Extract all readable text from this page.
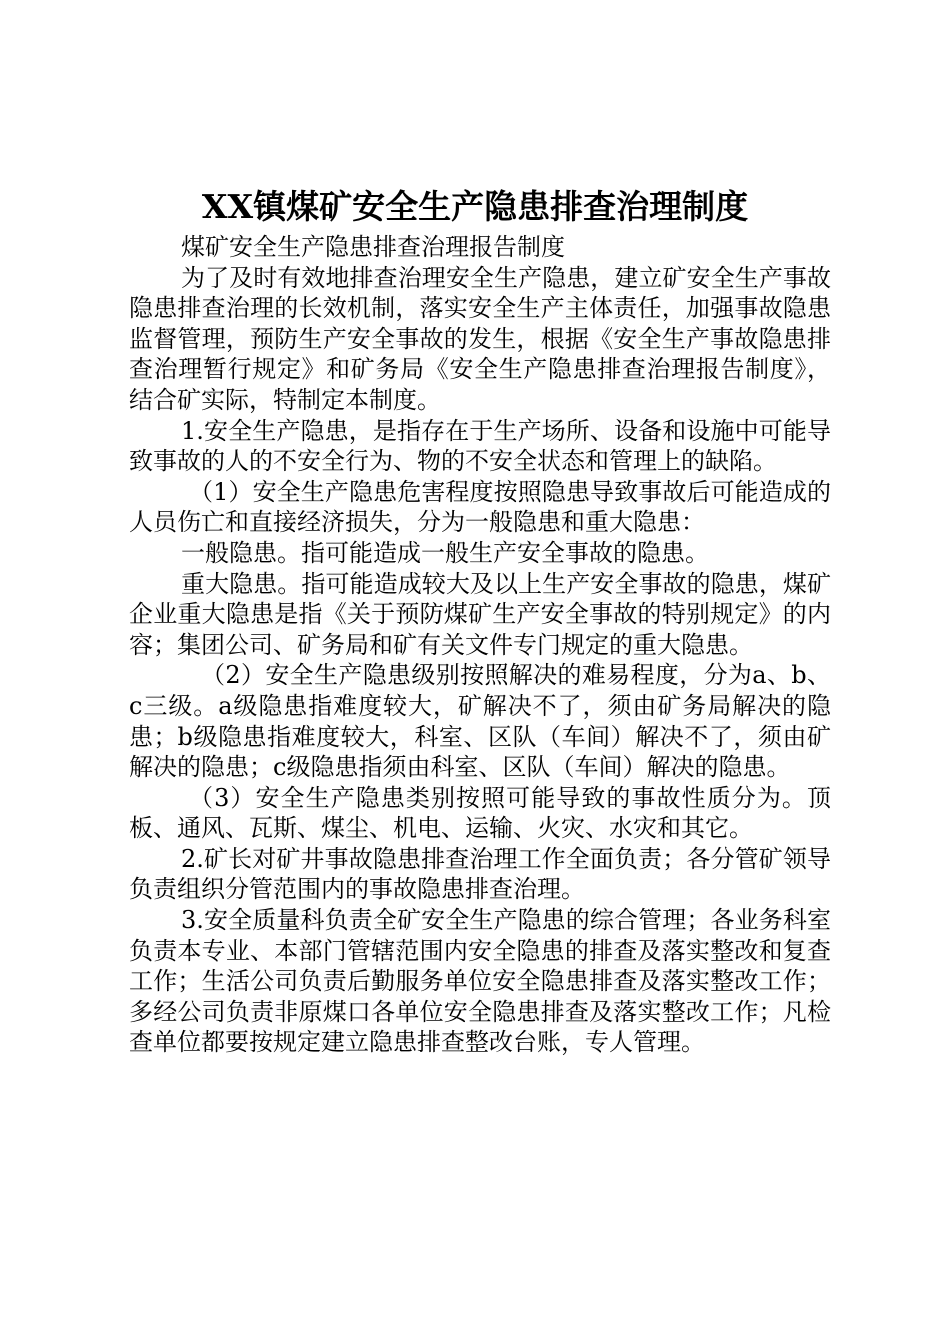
XX镇煤矿安全生产隐患排查治理制度

煤矿安全生产隐患排查治理报告制度

为了及时有效地排查治理安全生产隐患，建立矿安全生产事故隐患排查治理的长效机制，落实安全生产主体责任，加强事故隐患监督管理，预防生产安全事故的发生，根据《安全生产事故隐患排查治理暂行规定》和矿务局《安全生产隐患排查治理报告制度》，结合矿实际，特制定本制度。

1.安全生产隐患，是指存在于生产场所、设备和设施中可能导致事故的人的不安全行为、物的不安全状态和管理上的缺陷。

（1）安全生产隐患危害程度按照隐患导致事故后可能造成的人员伤亡和直接经济损失，分为一般隐患和重大隐患：

一般隐患。指可能造成一般生产安全事故的隐患。

重大隐患。指可能造成较大及以上生产安全事故的隐患，煤矿企业重大隐患是指《关于预防煤矿生产安全事故的特别规定》的内容；集团公司、矿务局和矿有关文件专门规定的重大隐患。

（2）安全生产隐患级别按照解决的难易程度，分为a、b、c三级。a级隐患指难度较大，矿解决不了，须由矿务局解决的隐患；b级隐患指难度较大，科室、区队（车间）解决不了，须由矿解决的隐患；c级隐患指须由科室、区队（车间）解决的隐患。

（3）安全生产隐患类别按照可能导致的事故性质分为。顶板、通风、瓦斯、煤尘、机电、运输、火灾、水灾和其它。

2.矿长对矿井事故隐患排查治理工作全面负责；各分管矿领导负责组织分管范围内的事故隐患排查治理。

3.安全质量科负责全矿安全生产隐患的综合管理；各业务科室负责本专业、本部门管辖范围内安全隐患的排查及落实整改和复查工作；生活公司负责后勤服务单位安全隐患排查及落实整改工作；多经公司负责非原煤口各单位安全隐患排查及落实整改工作；凡检查单位都要按规定建立隐患排查整改台账，专人管理。
